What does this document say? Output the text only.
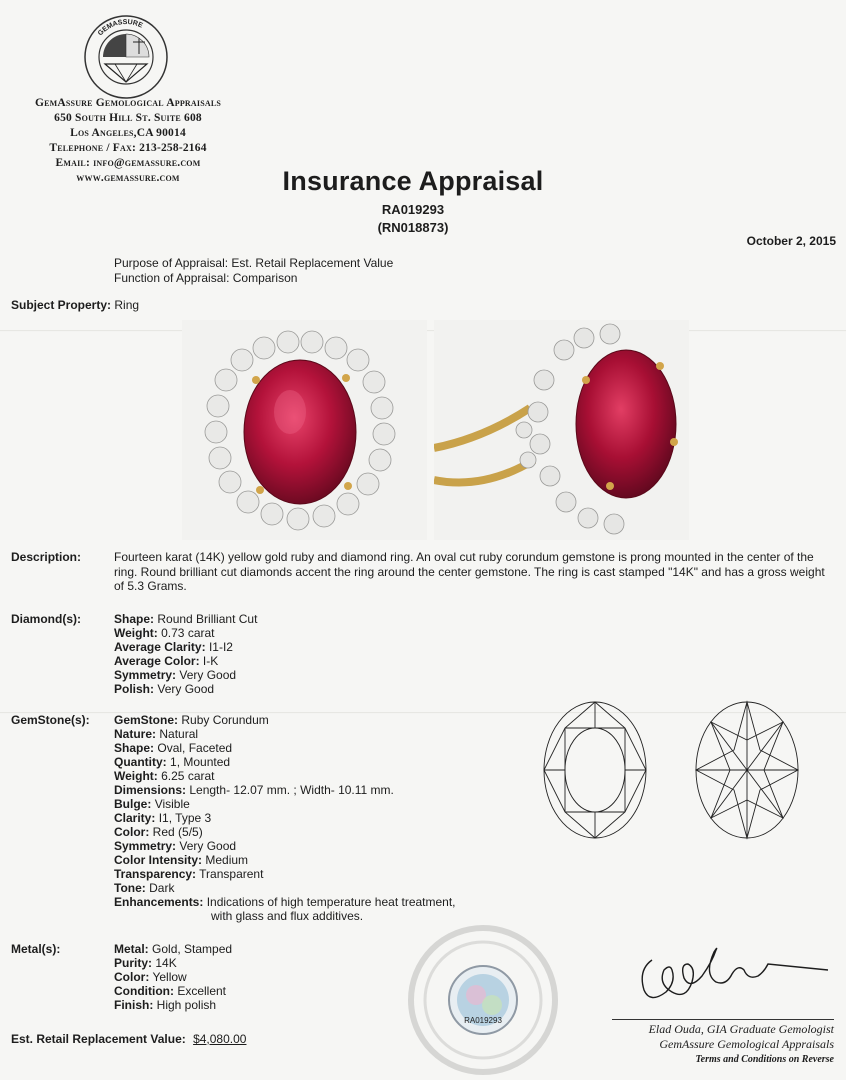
GEMASSURE
GemAssure Gemological Appraisals
650 South Hill St. Suite 608
Los Angeles,CA 90014
Telephone / Fax: 213-258-2164
Email: info@gemassure.com
www.gemassure.com	Insurance Appraisal
RA019293
(RN018873)
October 2, 2015
Purpose of Appraisal: Est. Retail Replacement Value
Function of Appraisal: Comparison
Subject Property: Ring
Description:	Fourteen karat (14K) yellow gold ruby and diamond ring. An oval cut ruby corundum gemstone is prong mounted in the center of the ring. Round brilliant cut diamonds accent the ring around the center gemstone. The ring is cast stamped "14K" and has a gross weight of 5.3 Grams.
Diamond(s):	Shape: Round Brilliant Cut
Weight: 0.73 carat
Average Clarity: I1-I2
Average Color: I-K
Symmetry: Very Good
Polish: Very Good
GemStone(s): GemStone: Ruby Corundum
Nature: Natural
Shape: Oval, Faceted
Quantity: 1, Mounted
Weight: 6.25 carat
Dimensions: Length- 12.07 mm. ; Width- 10.11 mm.
Bulge: Visible
Clarity: I1, Type 3
Color: Red (5/5)
Symmetry: Very Good
Color Intensity: Medium
Transparency: Transparent
Tone: Dark
Enhancements: Indications of high temperature heat treatment,
with glass and flux additives.
Metal(s):	Metal: Gold, Stamped
Purity: 14K
Color: Yellow
Condition: Excellent
Finish: High polish
RA019293
Elad Ouda, GIA Graduate Gemologist
GemAssure Gemological Appraisals
Terms and Conditions on Reverse
Est. Retail Replacement Value: $4,080.00
